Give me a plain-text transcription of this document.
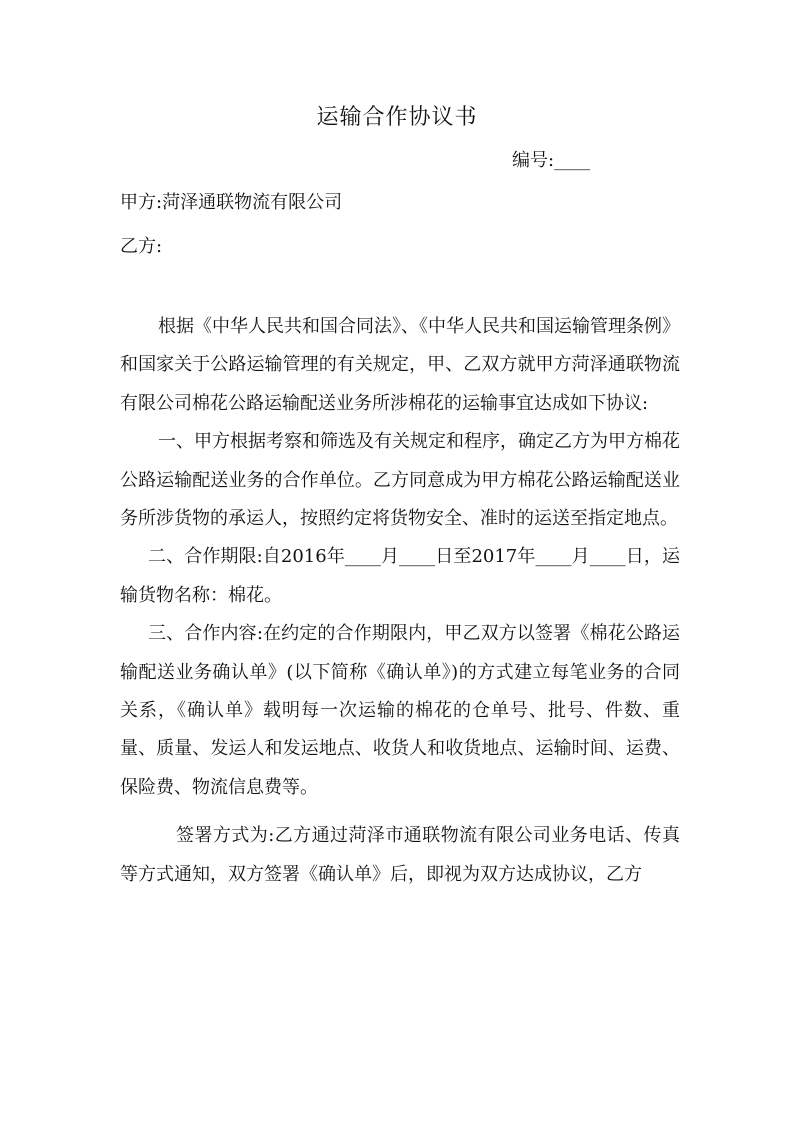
运输合作协议书
编号:____
甲方:菏泽通联物流有限公司
乙方:

根据《中华人民共和国合同法》、《中华人民共和国运输管理条例》和国家关于公路运输管理的有关规定，甲、乙双方就甲方菏泽通联物流有限公司棉花公路运输配送业务所涉棉花的运输事宜达成如下协议:

一、甲方根据考察和筛选及有关规定和程序，确定乙方为甲方棉花公路运输配送业务的合作单位。乙方同意成为甲方棉花公路运输配送业务所涉货物的承运人，按照约定将货物安全、准时的运送至指定地点。

二、合作期限:自2016年____月____日至2017年____月____日，运输货物名称：棉花。

三、合作内容:在约定的合作期限内，甲乙双方以签署《棉花公路运输配送业务确认单》(以下简称《确认单》)的方式建立每笔业务的合同关系，《确认单》载明每一次运输的棉花的仓单号、批号、件数、重量、质量、发运人和发运地点、收货人和收货地点、运输时间、运费、保险费、物流信息费等。

签署方式为:乙方通过菏泽市通联物流有限公司业务电话、传真等方式通知，双方签署《确认单》后，即视为双方达成协议，乙方
